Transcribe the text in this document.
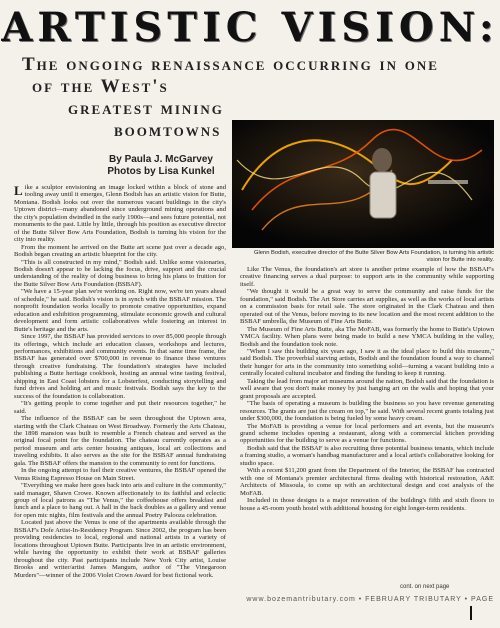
ARTISTIC VISION:
The ongoing renaissance occurring in one
of the West's
greatest mining
boomtowns
By Paula J. McGarvey
Photos by Lisa Kunkel
Glenn Bodish, executive director of the Butte Silver Bow Arts Foundation, is turning his artistic vision for Butte into reality.

Like a sculptor envisioning an image locked within a block of stone and tooling away until it emerges, Glenn Bodish has an artistic vision for Butte, Montana. Bodish looks out over the numerous vacant buildings in the city's Uptown district—many abandoned since underground mining operations and the city's population dwindled in the early 1900s—and sees future potential, not monuments to the past. Little by little, through his position as executive director of the Butte Silver Bow Arts Foundation, Bodish is turning his vision for the city into reality.

From the moment he arrived on the Butte art scene just over a decade ago, Bodish began creating an artistic blueprint for the city.

"This is all constructed in my mind," Bodish said. Unlike some visionaries, Bodish doesn't appear to be lacking the focus, drive, support and the crucial understanding of the reality of doing business to bring his plans to fruition for the Butte Silver Bow Arts Foundation (BSBAF).

"We have a 15-year plan we're working on. Right now, we're ten years ahead of schedule," he said. Bodish's vision is in synch with the BSBAF mission. The nonprofit foundation works locally to promote creative opportunities, expand education and exhibition programming, stimulate economic growth and cultural development and form artistic collaboratives while fostering an interest in Butte's heritage and the arts.

Since 1997, the BSBAF has provided services to over 85,000 people through its offerings, which include art education classes, workshops and lectures, performances, exhibitions and community events. In that same time frame, the BSBAF has generated over $700,000 in revenue to finance these ventures through creative fundraising. The foundation's strategies have included publishing a Butte heritage cookbook, hosting an annual wine tasting festival, shipping in East Coast lobsters for a Lobsterfest, conducting storytelling and fund drives and holding art and music festivals. Bodish says the key to the success of the foundation is collaboration.

"It's getting people to come together and put their resources together," he said.

The influence of the BSBAF can be seen throughout the Uptown area, starting with the Clark Chateau on West Broadway. Formerly the Arts Chateau, the 1898 mansion was built to resemble a French chateau and served as the original focal point for the foundation. The chateau currently operates as a period museum and arts center housing antiques, local art collections and traveling exhibits. It also serves as the site for the BSBAF annual fundraising gala. The BSBAF offers the mansion to the community to rent for functions.

In the ongoing attempt to fuel their creative ventures, the BSBAF opened the Venus Rising Espresso House on Main Street.

"Everything we make here goes back into arts and culture in the community," said manager, Shawn Crowe. Known affectionately to its faithful and eclectic group of local patrons as "The Venus," the coffeehouse offers breakfast and lunch and a place to hang out. A hall in the back doubles as a gallery and venue for open mic nights, film festivals and the annual Poetry Palooza celebration.

Located just above the Venus is one of the apartments available through the BSBAF's Dofe Artist-In-Residency Program. Since 2002, the program has been providing residencies to local, regional and national artists in a variety of locations throughout Uptown Butte. Participants live in an artistic environment, while having the opportunity to exhibit their work at BSBAF galleries throughout the city. Past participants include New York City artist, Louise Brooks and writer/artist James Mangum, author of "The Vinegaroon Murders"—winner of the 2006 Violet Crown Award for best fictional work.

Like The Venus, the foundation's art store is another prime example of how the BSBAF's creative financing serves a dual purpose: to support arts in the community while supporting itself.

"We thought it would be a great way to serve the community and raise funds for the foundation," said Bodish. The Art Store carries art supplies, as well as the works of local artists on a commission basis for retail sale. The store originated in the Clark Chateau and then operated out of the Venus, before moving to its new location and the most recent addition to the BSBAF umbrella, the Museum of Fine Arts Butte.

The Museum of Fine Arts Butte, aka The MoFAB, was formerly the home to Butte's Uptown YMCA facility. When plans were being made to build a new YMCA building in the valley, Bodish and the foundation took note.

"When I saw this building six years ago, I saw it as the ideal place to build this museum," said Bodish. The proverbial starving artists, Bodish and the foundation found a way to channel their hunger for arts in the community into something solid—turning a vacant building into a centrally located cultural incubator and finding the funding to keep it running.

Taking the lead from major art museums around the nation, Bodish said that the foundation is well aware that you don't make money by just hanging art on the walls and hoping that your grant proposals are accepted.

"The basis of operating a museum is building the business so you have revenue generating resources. The grants are just the cream on top," he said. With several recent grants totaling just under $300,000, the foundation is being fueled by some heavy cream.

The MoFAB is providing a venue for local performers and art events, but the museum's grand scheme includes opening a restaurant, along with a commercial kitchen providing opportunities for the building to serve as a venue for functions.

Bodish said that the BSBAF is also recruiting three potential business tenants, which include a framing studio, a woman's handbag manufacturer and a local artist's collaborative looking for studio space.

With a recent $11,200 grant from the Department of the Interior, the BSBAF has contracted with one of Montana's premier architectural firms dealing with historical restoration, A&E Architects of Missoula, to come up with an architectural design and cost analysis of the MoFAB.

Included in those designs is a major renovation of the building's fifth and sixth floors to house a 45-room youth hostel with additional housing for eight longer-term residents.

cont. on next page
www.bozemantributary.com • FEBRUARY TRIBUTARY • PAGE
